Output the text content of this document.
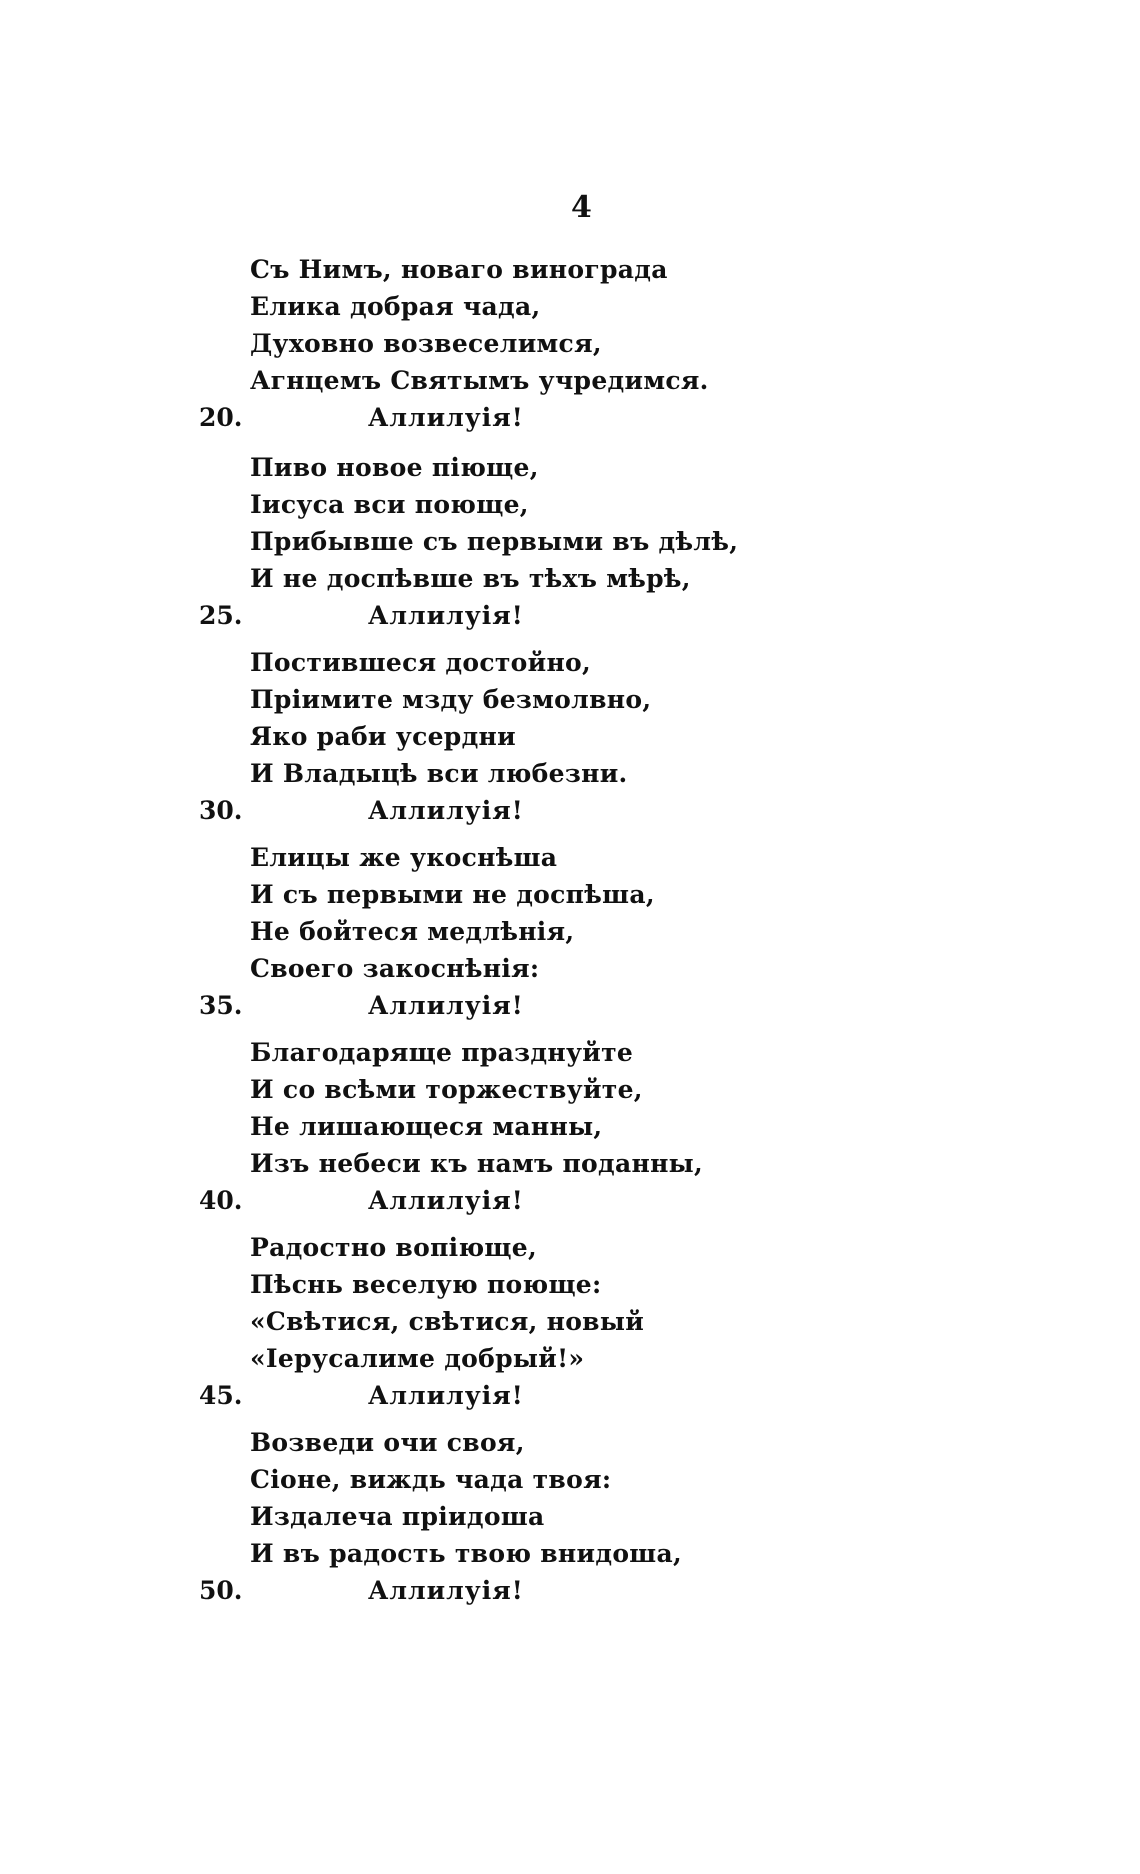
4
Съ Нимъ, новаго винограда
Елика добрая чада,
Духовно возвеселимся,
Агнцемъ Святымъ учредимся.
20.	Аллилуія!
Пиво новое піюще,
Іисуса вси поюще,
Прибывше съ первыми въ дѣлѣ,
И не доспѣвше въ тѣхъ мѣрѣ,
25.	Аллилуія!
Постившеся достойно,
Пріимите мзду безмолвно,
Яко раби усердни
И Владыцѣ вси любезни.
30.	Аллилуія!
Елицы же укоснѣша
И съ первыми не доспѣша,
Не бойтеся медлѣнія,
Своего закоснѣнія:
35.	Аллилуія!
Благодаряще празднуйте
И со всѣми торжествуйте,
Не лишающеся манны,
Изъ небеси къ намъ поданны,
40.	Аллилуія!
Радостно вопіюще,
Пѣснь веселую поюще:
«Свѣтися, свѣтися, новый
«Іерусалиме добрый!»
45.	Аллилуія!
Возведи очи своя,
Сіоне, виждь чада твоя:
Издалеча пріидоша
И въ радость твою внидоша,
50.	Аллилуія!
